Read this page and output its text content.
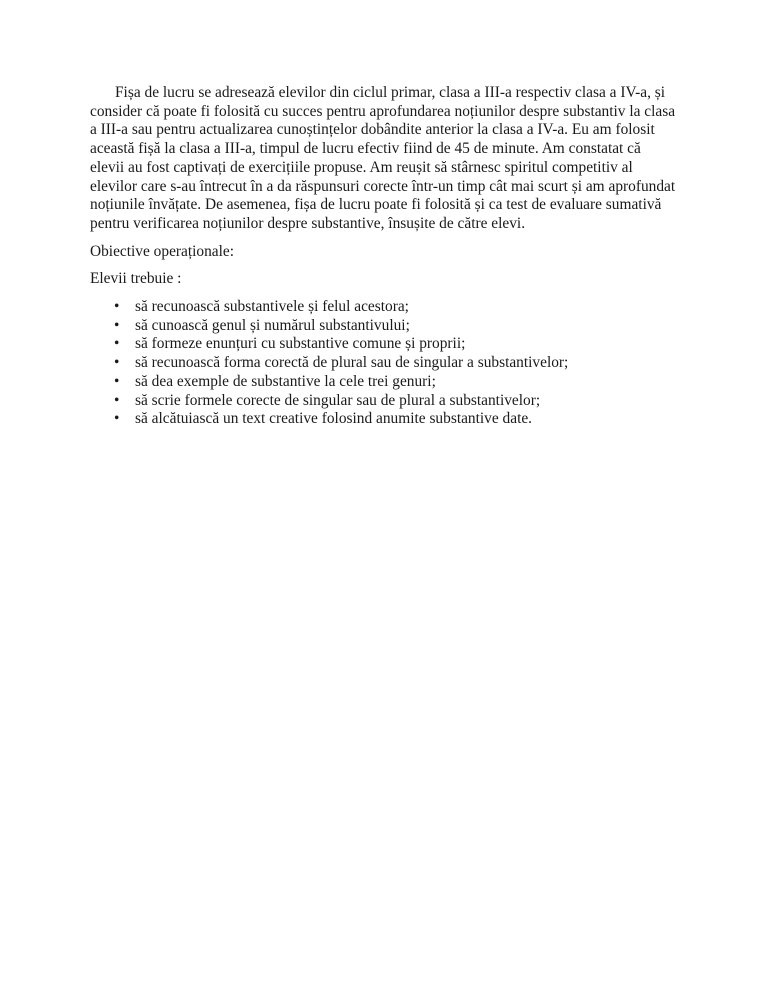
Fișa de lucru se adresează elevilor din ciclul primar, clasa a III-a respectiv clasa a IV-a, și consider că poate fi folosită cu succes pentru aprofundarea noțiunilor despre substantiv la clasa a III-a sau pentru actualizarea cunoștințelor dobândite anterior la clasa a IV-a. Eu am folosit această fișă la clasa a III-a, timpul de lucru efectiv fiind de 45 de minute. Am constatat că elevii au fost captivați de exercițiile propuse. Am reușit să stârnesc spiritul competitiv al elevilor care s-au întrecut în a da răspunsuri corecte într-un timp cât mai scurt și am aprofundat noțiunile învățate. De asemenea, fișa de lucru poate fi folosită și ca test de evaluare sumativă pentru verificarea noțiunilor despre substantive, însușite de către elevi.

Obiective operaționale:

Elevii trebuie :

• să recunoască substantivele și felul acestora;
• să cunoască genul și numărul substantivului;
• să formeze enunțuri cu substantive comune și proprii;
• să recunoască forma corectă de plural sau de singular a substantivelor;
• să dea exemple de substantive la cele trei genuri;
• să scrie formele corecte de singular sau de plural a substantivelor;
• să alcătuiască un text creative folosind anumite substantive date.
